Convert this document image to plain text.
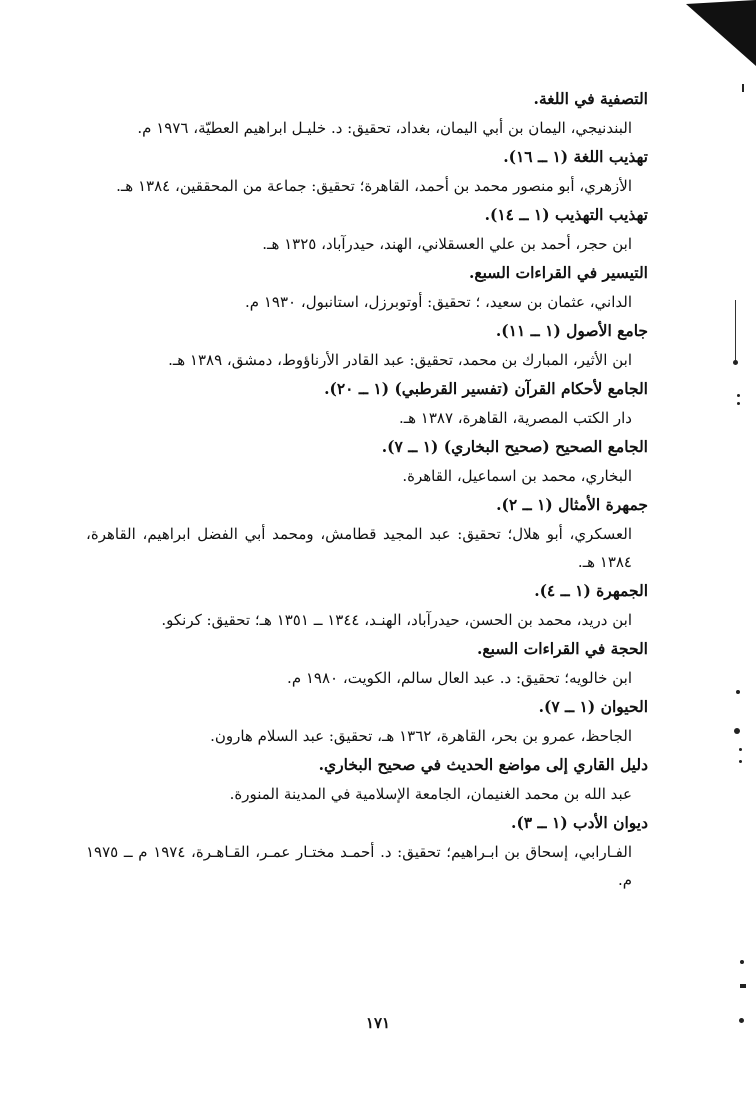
التصفية في اللغة.
البندنيجي، اليمان بن أبي اليمان، بغداد، تحقيق: د. خليـل ابراهيم العطيّة، ١٩٧٦ م.
تهذيب اللغة (١ ــ ١٦).
الأزهري، أبو منصور محمد بن أحمد، القاهرة؛ تحقيق: جماعة من المحققين، ١٣٨٤ هـ.
تهذيب التهذيب (١ ــ ١٤).
ابن حجر، أحمد بن علي العسقلاني، الهند، حيدرآباد، ١٣٢٥ هـ.
التيسير في القراءات السبع.
الداني، عثمان بن سعيد، ؛ تحقيق: أوتوبرزل، استانبول، ١٩٣٠ م.
جامع الأصول (١ ــ ١١).
ابن الأثير، المبارك بن محمد، تحقيق: عبد القادر الأرناؤوط، دمشق، ١٣٨٩ هـ.
الجامع لأحكام القرآن (تفسير القرطبي) (١ ــ ٢٠).
دار الكتب المصرية، القاهرة، ١٣٨٧ هـ.
الجامع الصحيح (صحيح البخاري) (١ ــ ٧).
البخاري، محمد بن اسماعيل، القاهرة.
جمهرة الأمثال (١ ــ ٢).
العسكري، أبو هلال؛ تحقيق: عبد المجيد قطامش، ومحمد أبي الفضل ابراهيم، القاهرة، ١٣٨٤ هـ.
الجمهرة (١ ــ ٤).
ابن دريد، محمد بن الحسن، حيدرآباد، الهنـد، ١٣٤٤ ــ ١٣٥١ هـ؛ تحقيق: كرنكو.
الحجة في القراءات السبع.
ابن خالويه؛ تحقيق: د. عبد العال سالم، الكويت، ١٩٨٠ م.
الحيوان (١ ــ ٧).
الجاحظ، عمرو بن بحر، القاهرة، ١٣٦٢ هـ، تحقيق: عبد السلام هارون.
دليل القاري إلى مواضع الحديث في صحيح البخاري.
عبد الله بن محمد الغنيمان، الجامعة الإسلامية في المدينة المنورة.
ديوان الأدب (١ ــ ٣).
الفـارابي، إسحاق بن ابـراهيم؛ تحقيق: د. أحمـد مختـار عمـر، القـاهـرة، ١٩٧٤ م ــ ١٩٧٥ م.
١٧١
